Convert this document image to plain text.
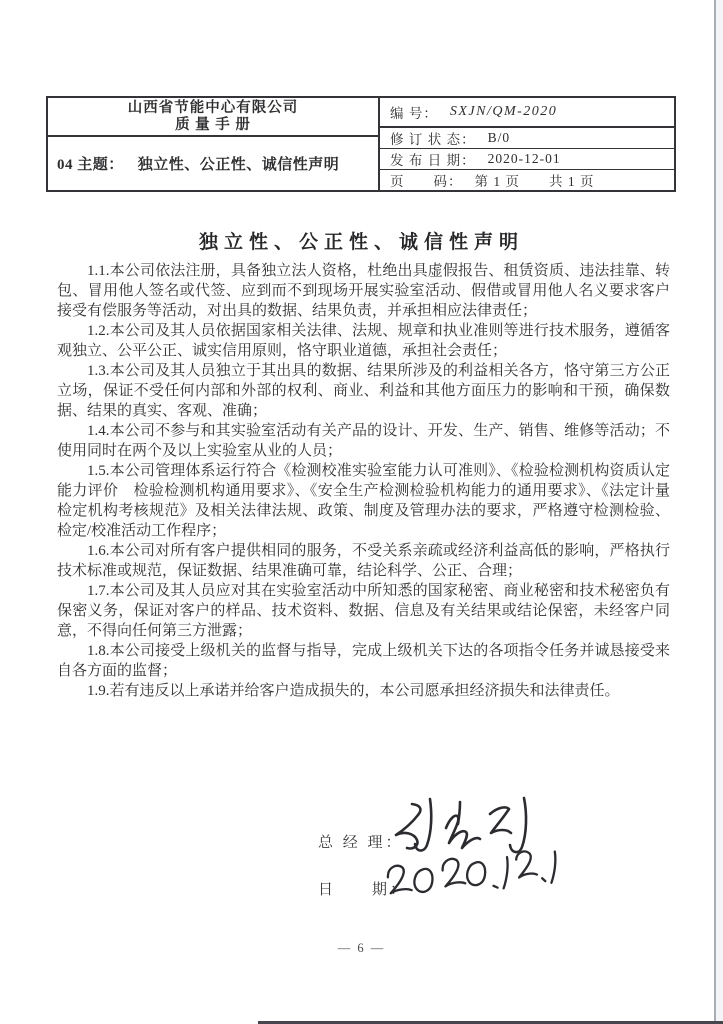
山西省节能中心有限公司
质 量 手 册
04 主题： 独立性、公正性、诚信性声明
编 号： SXJN/QM-2020
修 订 状 态： B/0
发 布 日 期： 2020-12-01
页　　码： 第 1 页　　共 1 页
独立性、公正性、诚信性声明

1.1.本公司依法注册，具备独立法人资格，杜绝出具虚假报告、租赁资质、违法挂靠、转包、冒用他人签名或代签、应到而不到现场开展实验室活动、假借或冒用他人名义要求客户接受有偿服务等活动，对出具的数据、结果负责，并承担相应法律责任；

1.2.本公司及其人员依据国家相关法律、法规、规章和执业准则等进行技术服务，遵循客观独立、公平公正、诚实信用原则，恪守职业道德，承担社会责任；

1.3.本公司及其人员独立于其出具的数据、结果所涉及的利益相关各方，恪守第三方公正立场，保证不受任何内部和外部的权利、商业、利益和其他方面压力的影响和干预，确保数据、结果的真实、客观、准确；

1.4.本公司不参与和其实验室活动有关产品的设计、开发、生产、销售、维修等活动；不使用同时在两个及以上实验室从业的人员；

1.5.本公司管理体系运行符合《检测校准实验室能力认可准则》、《检验检测机构资质认定能力评价　检验检测机构通用要求》、《安全生产检测检验机构能力的通用要求》、《法定计量检定机构考核规范》及相关法律法规、政策、制度及管理办法的要求，严格遵守检测检验、检定/校准活动工作程序；

1.6.本公司对所有客户提供相同的服务，不受关系亲疏或经济利益高低的影响，严格执行技术标准或规范，保证数据、结果准确可靠，结论科学、公正、合理；

1.7.本公司及其人员应对其在实验室活动中所知悉的国家秘密、商业秘密和技术秘密负有保密义务，保证对客户的样品、技术资料、数据、信息及有关结果或结论保密，未经客户同意，不得向任何第三方泄露；

1.8.本公司接受上级机关的监督与指导，完成上级机关下达的各项指令任务并诚恳接受来自各方面的监督；

1.9.若有违反以上承诺并给客户造成损失的，本公司愿承担经济损失和法律责任。

总 经 理：
日　　期：
— 6 —
